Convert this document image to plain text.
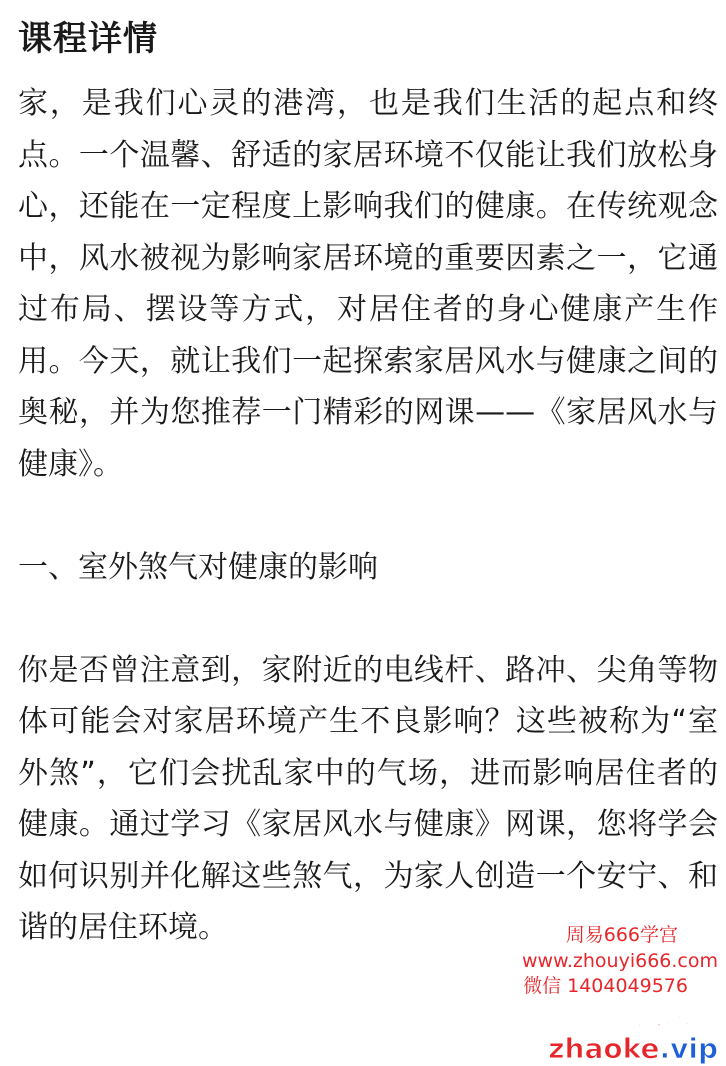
课程详情

家，是我们心灵的港湾，也是我们生活的起点和终点。一个温馨、舒适的家居环境不仅能让我们放松身心，还能在一定程度上影响我们的健康。在传统观念中，风水被视为影响家居环境的重要因素之一，它通过布局、摆设等方式，对居住者的身心健康产生作用。今天，就让我们一起探索家居风水与健康之间的奥秘，并为您推荐一门精彩的网课——《家居风水与健康》。

一、室外煞气对健康的影响

你是否曾注意到，家附近的电线杆、路冲、尖角等物体可能会对家居环境产生不良影响？这些被称为“室外煞”，它们会扰乱家中的气场，进而影响居住者的健康。通过学习《家居风水与健康》网课，您将学会如何识别并化解这些煞气，为家人创造一个安宁、和谐的居住环境。	周易666学宫
www.zhouyi666.com
微信 1404049576
找课网zhaoke.vip
